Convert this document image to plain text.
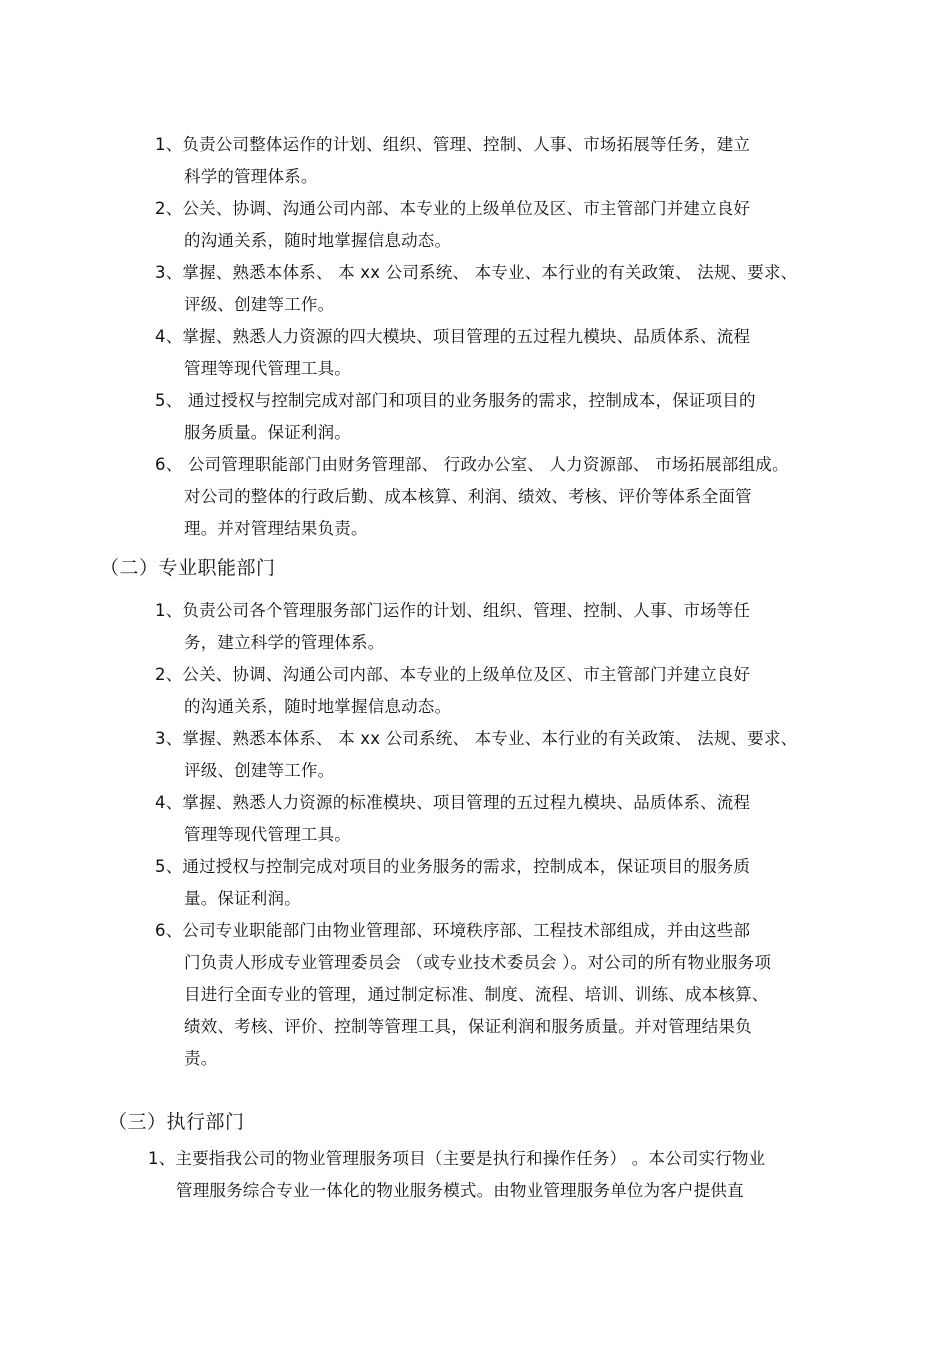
1、负责公司整体运作的计划、组织、管理、控制、人事、市场拓展等任务，建立
科学的管理体系。
2、公关、协调、沟通公司内部、本专业的上级单位及区、市主管部门并建立良好
的沟通关系，随时地掌握信息动态。
3、掌握、熟悉本体系、 本 xx 公司系统、 本专业、本行业的有关政策、 法规、要求、
评级、创建等工作。
4、掌握、熟悉人力资源的四大模块、项目管理的五过程九模块、品质体系、流程
管理等现代管理工具。
5、 通过授权与控制完成对部门和项目的业务服务的需求，控制成本，保证项目的
服务质量。保证利润。
6、 公司管理职能部门由财务管理部、 行政办公室、 人力资源部、 市场拓展部组成。
对公司的整体的行政后勤、成本核算、利润、绩效、考核、评价等体系全面管
理。并对管理结果负责。
（二）专业职能部门
1、负责公司各个管理服务部门运作的计划、组织、管理、控制、人事、市场等任
务，建立科学的管理体系。
2、公关、协调、沟通公司内部、本专业的上级单位及区、市主管部门并建立良好
的沟通关系，随时地掌握信息动态。
3、掌握、熟悉本体系、 本 xx 公司系统、 本专业、本行业的有关政策、 法规、要求、
评级、创建等工作。
4、掌握、熟悉人力资源的标准模块、项目管理的五过程九模块、品质体系、流程
管理等现代管理工具。
5、通过授权与控制完成对项目的业务服务的需求，控制成本，保证项目的服务质
量。保证利润。
6、公司专业职能部门由物业管理部、环境秩序部、工程技术部组成，并由这些部
门负责人形成专业管理委员会 （或专业技术委员会 ）。对公司的所有物业服务项
目进行全面专业的管理，通过制定标准、制度、流程、培训、训练、成本核算、
绩效、考核、评价、控制等管理工具，保证利润和服务质量。并对管理结果负
责。
（三）执行部门
1、主要指我公司的物业管理服务项目（主要是执行和操作任务） 。本公司实行物业
管理服务综合专业一体化的物业服务模式。由物业管理服务单位为客户提供直
